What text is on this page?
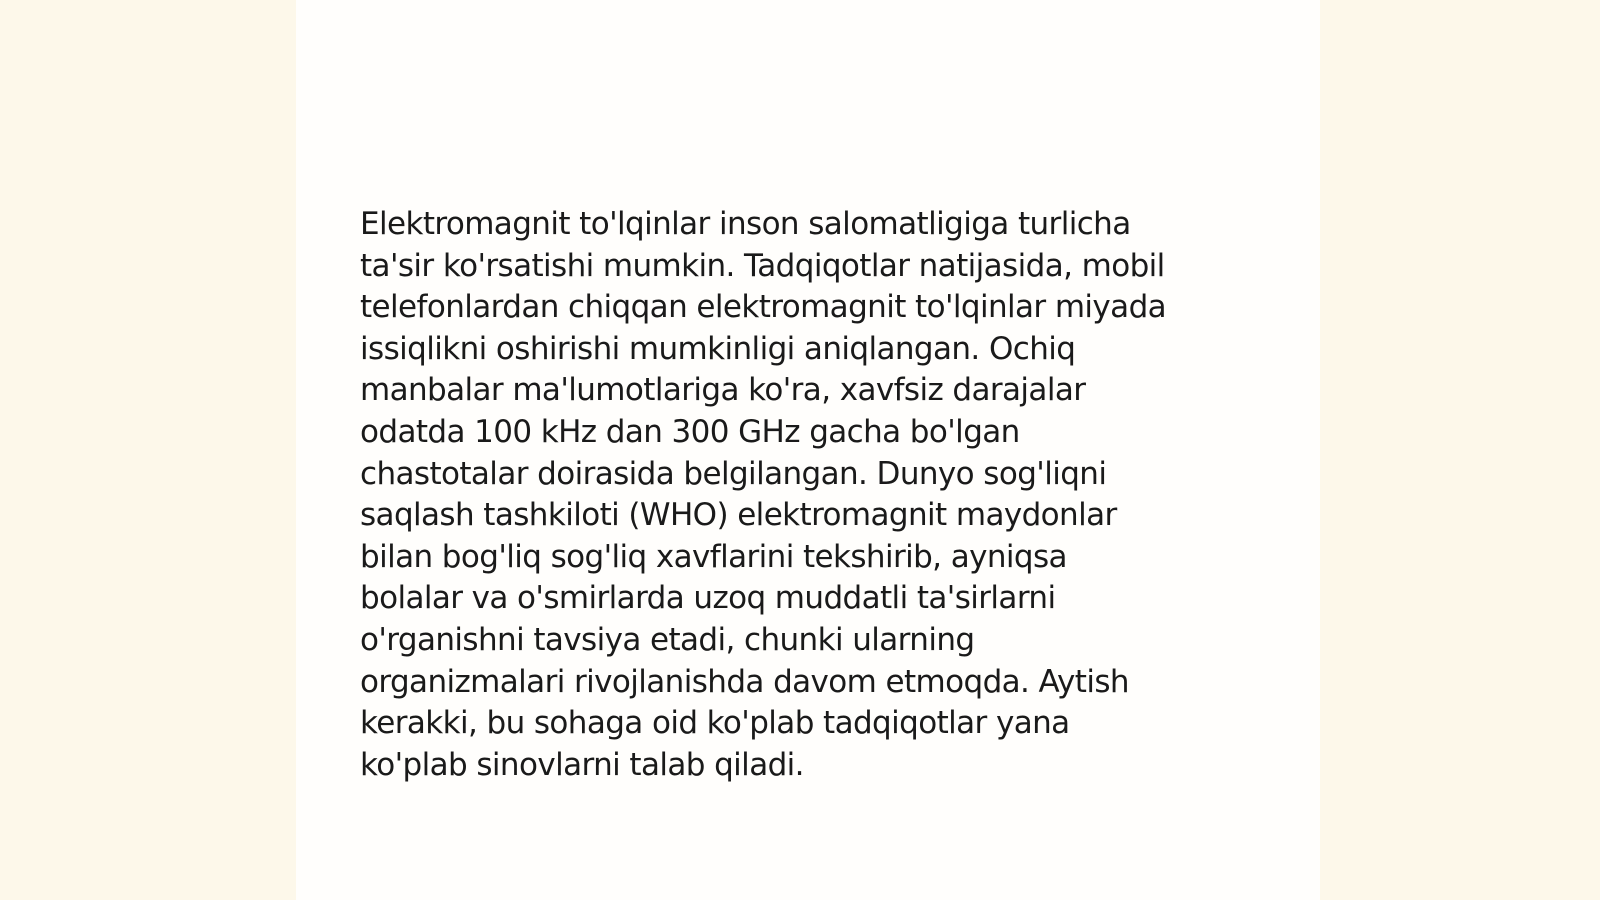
Elektromagnit to'lqinlar inson salomatligiga turlicha
ta'sir ko'rsatishi mumkin. Tadqiqotlar natijasida, mobil
telefonlardan chiqqan elektromagnit to'lqinlar miyada
issiqlikni oshirishi mumkinligi aniqlangan. Ochiq
manbalar ma'lumotlariga ko'ra, xavfsiz darajalar
odatda 100 kHz dan 300 GHz gacha bo'lgan
chastotalar doirasida belgilangan. Dunyo sog'liqni
saqlash tashkiloti (WHO) elektromagnit maydonlar
bilan bog'liq sog'liq xavflarini tekshirib, ayniqsa
bolalar va o'smirlarda uzoq muddatli ta'sirlarni
o'rganishni tavsiya etadi, chunki ularning
organizmalari rivojlanishda davom etmoqda. Aytish
kerakki, bu sohaga oid ko'plab tadqiqotlar yana
ko'plab sinovlarni talab qiladi.
